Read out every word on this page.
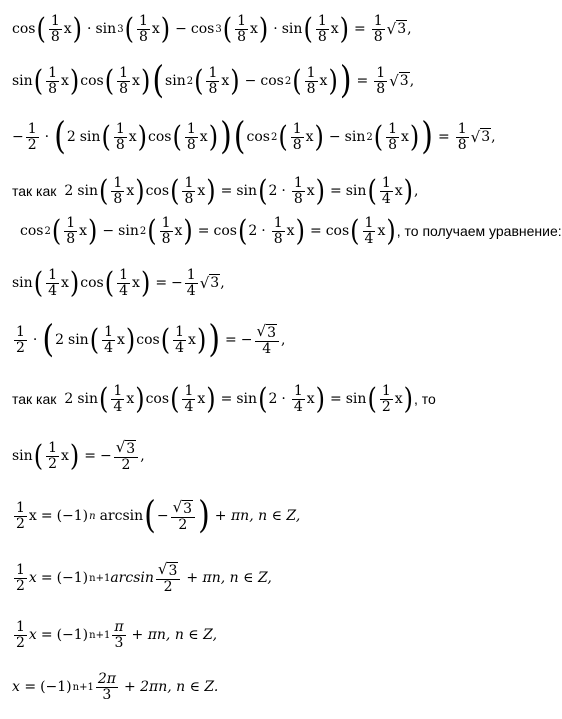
cos ( $\frac{1}{8}$ x ) · sin 3 ( $\frac{1}{8}$ x ) − cos 3 ( $\frac{1}{8}$ x ) · sin ( $\frac{1}{8}$ x ) = $\frac{1}{8}$ √ 3 ,
sin ( $\frac{1}{8}$ x ) cos ( $\frac{1}{8}$ x ) ( sin 2 ( $\frac{1}{8}$ x ) − cos 2 ( $\frac{1}{8}$ x ) ) = $\frac{1}{8}$ √ 3 ,
− $\frac{1}{2}$ · ( 2 sin ( $\frac{1}{8}$ x ) cos ( $\frac{1}{8}$ x ) ) ( cos 2 ( $\frac{1}{8}$ x ) − sin 2 ( $\frac{1}{8}$ x ) ) = $\frac{1}{8}$ √ 3 ,
так как 2 sin ( $\frac{1}{8}$ x ) cos ( $\frac{1}{8}$ x ) = sin ( $2 \cdot \frac{1}{8}$ x ) = sin ( $\frac{1}{4}$ x ) ,
cos 2 ( $\frac{1}{8}$ x ) − sin 2 ( $\frac{1}{8}$ x ) = cos ( $2 \cdot \frac{1}{8}$ x ) = cos ( $\frac{1}{4}$ x ) , то получаем уравнение:
sin ( $\frac{1}{4}$ x ) cos ( $\frac{1}{4}$ x ) = − $\frac{1}{4}$ √ 3 ,
$\frac{1}{2}$ · ( 2 sin ( $\frac{1}{4}$ x ) cos ( $\frac{1}{4}$ x ) ) = − $\frac{√ 3}{4}$ ,
так как 2 sin ( $\frac{1}{4}$ x ) cos ( $\frac{1}{4}$ x ) = sin ( $2 \cdot \frac{1}{4}$ x ) = sin ( $\frac{1}{2}$ x ) , то
sin ( $\frac{1}{2}$ x ) = − $\frac{√ 3}{2}$ ,
$\frac{1}{2}$ x = (−1) n arcsin ( − $\frac{√ 3}{2}$ ) + πn, n ∈ Z,
$\frac{1}{2}$ x = (−1) n+1 $\arcsin \frac{√ 3}{2} + \pi n$, n ∈ Z,
$\frac{1}{2}$ x = (−1) $n+1 \frac{\pi}{3} + \pi n$, n ∈ Z,
x = (−1) $n+1 \frac{2\pi}{3} + 2\pi n$, n ∈ Z.
